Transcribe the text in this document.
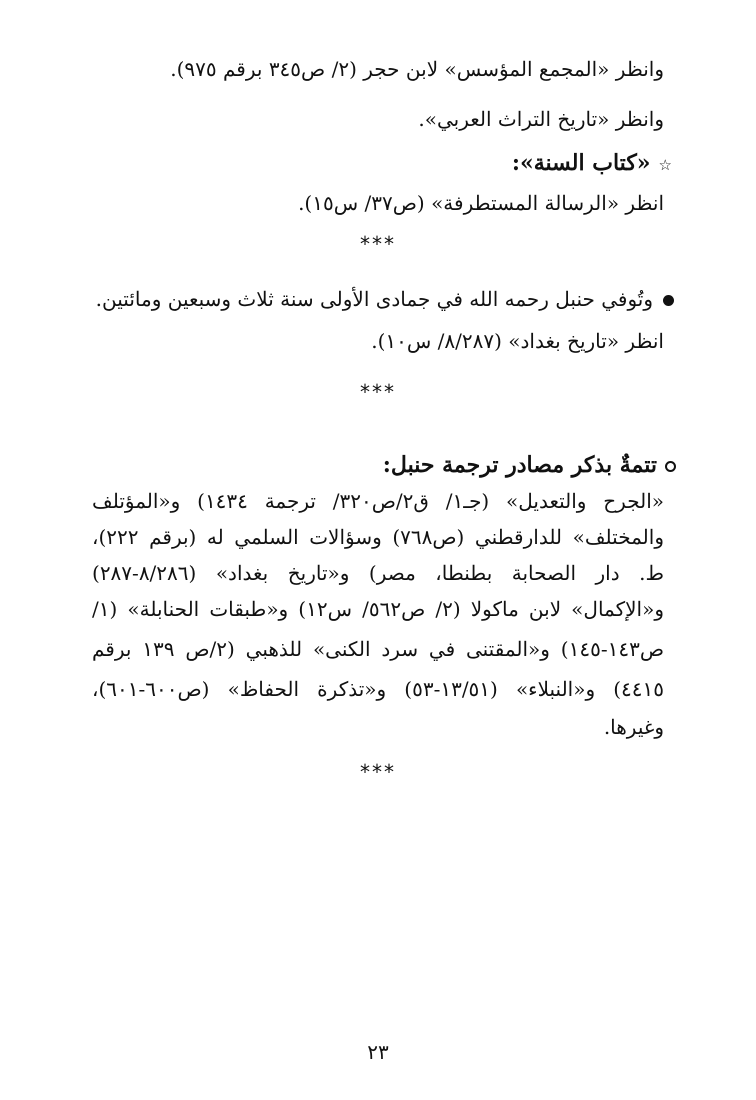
وانظر «المجمع المؤسس» لابن حجر (٢/ ص٣٤٥ برقم ٩٧٥).
وانظر «تاريخ التراث العربي».
☆«كتاب السنة»:
انظر «الرسالة المستطرفة» (ص٣٧/ س١٥).
***
وتُوفي حنبل رحمه الله في جمادى الأولى سنة ثلاث وسبعين ومائتين.
انظر «تاريخ بغداد» (٨/٢٨٧/ س١٠).
***
تتمةٌ بذكر مصادر ترجمة حنبل:
«الجرح والتعديل» (جـ١/ ق٢/ص٣٢٠/ ترجمة ١٤٣٤) و«المؤتلف
والمختلف» للدارقطني (ص٧٦٨) وسؤالات السلمي له (برقم ٢٢٢)،
ط. دار الصحابة بطنطا، مصر) و«تاريخ بغداد» (٨/٢٨٦-٢٨٧)
و«الإكمال» لابن ماكولا (٢/ ص٥٦٢/ س١٢) و«طبقات الحنابلة» (١/
ص١٤٣-١٤٥) و«المقتنى في سرد الكنى» للذهبي (٢/ص ١٣٩ برقم
٤٤١٥) و«النبلاء» (١٣/٥١-٥٣) و«تذكرة الحفاظ» (ص٦٠٠-٦٠١)،
وغيرها.
***
٢٣
